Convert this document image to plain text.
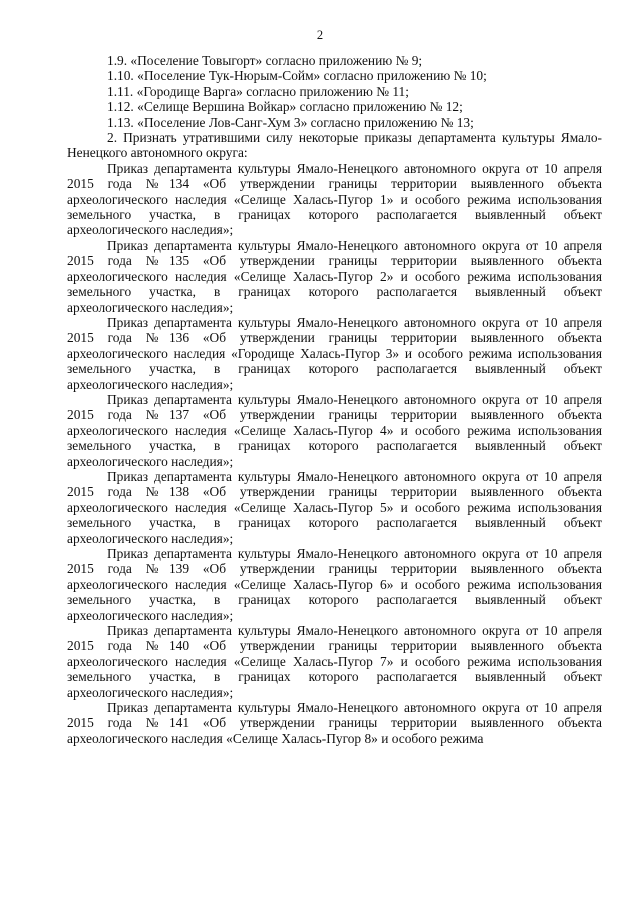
2

1.9. «Поселение Товыгорт» согласно приложению № 9;

1.10. «Поселение Тук-Нюрым-Сойм» согласно приложению № 10;

1.11. «Городище Варга» согласно приложению № 11;

1.12. «Селище Вершина Войкар» согласно приложению № 12;

1.13. «Поселение Лов-Санг-Хум 3» согласно приложению № 13;

2. Признать утратившими силу некоторые приказы департамента культуры Ямало-Ненецкого автономного округа:

Приказ департамента культуры Ямало-Ненецкого автономного округа от 10 апреля 2015 года №134 «Об утверждении границы территории выявленного объекта археологического наследия «Селище Халась-Пугор 1» и особого режима использования земельного участка, в границах которого располагается выявленный объект археологического наследия»;

Приказ департамента культуры Ямало-Ненецкого автономного округа от 10 апреля 2015 года №135 «Об утверждении границы территории выявленного объекта археологического наследия «Селище Халась-Пугор 2» и особого режима использования земельного участка, в границах которого располагается выявленный объект археологического наследия»;

Приказ департамента культуры Ямало-Ненецкого автономного округа от 10 апреля 2015 года №136 «Об утверждении границы территории выявленного объекта археологического наследия «Городище Халась-Пугор 3» и особого режима использования земельного участка, в границах которого располагается выявленный объект археологического наследия»;

Приказ департамента культуры Ямало-Ненецкого автономного округа от 10 апреля 2015 года №137 «Об утверждении границы территории выявленного объекта археологического наследия «Селище Халась-Пугор 4» и особого режима использования земельного участка, в границах которого располагается выявленный объект археологического наследия»;

Приказ департамента культуры Ямало-Ненецкого автономного округа от 10 апреля 2015 года №138 «Об утверждении границы территории выявленного объекта археологического наследия «Селище Халась-Пугор 5» и особого режима использования земельного участка, в границах которого располагается выявленный объект археологического наследия»;

Приказ департамента культуры Ямало-Ненецкого автономного округа от 10 апреля 2015 года №139 «Об утверждении границы территории выявленного объекта археологического наследия «Селище Халась-Пугор 6» и особого режима использования земельного участка, в границах которого располагается выявленный объект археологического наследия»;

Приказ департамента культуры Ямало-Ненецкого автономного округа от 10 апреля 2015 года №140 «Об утверждении границы территории выявленного объекта археологического наследия «Селище Халась-Пугор 7» и особого режима использования земельного участка, в границах которого располагается выявленный объект археологического наследия»;

Приказ департамента культуры Ямало-Ненецкого автономного округа от 10 апреля 2015 года №141 «Об утверждении границы территории выявленного объекта археологического наследия «Селище Халась-Пугор 8» и особого режима
